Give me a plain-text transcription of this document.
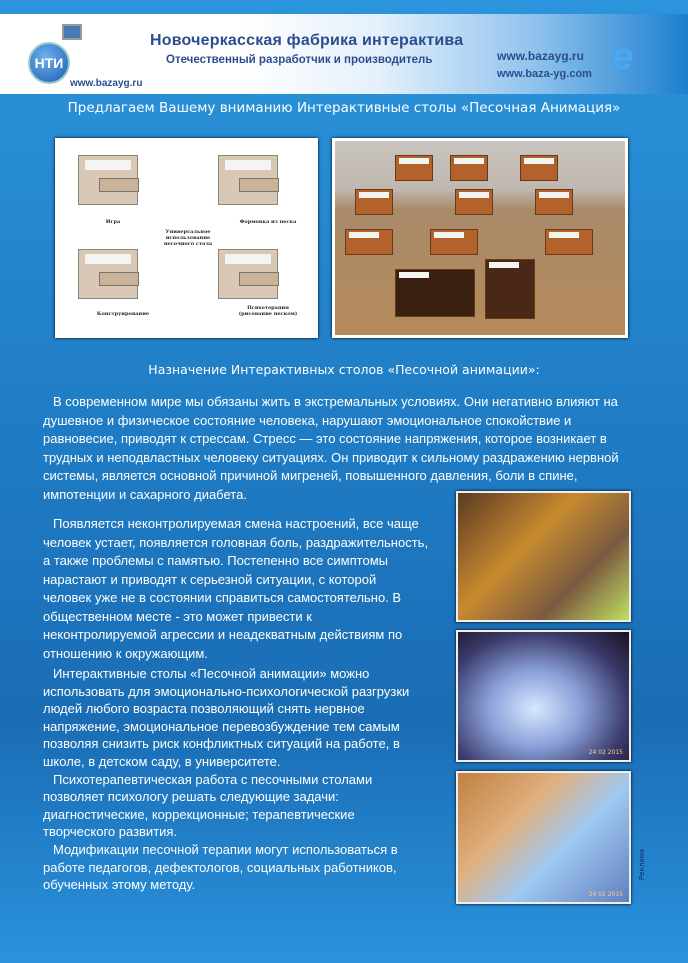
НТИ
www.bazayg.ru
Новочеркасская фабрика интерактива
Отечественный разработчик и производитель	www.bazayg.ru
www.baza-yg.com e
Предлагаем Вашему вниманию Интерактивные столы «Песочная Анимация»
Игра	Формовка из песка
Универсальное использование песочного стола
Конструирование
Психотерапия (рисование песком)
Назначение Интерактивных столов «Песочной анимации»:
В современном мире мы обязаны жить в экстремальных условиях. Они негативно влияют на
душевное и физическое состояние человека, нарушают эмоциональное спокойствие и
равновесие, приводят к стрессам. Стресс — это состояние напряжения, которое возникает в
трудных и неподвластных человеку ситуациях. Он приводит к сильному раздражению нервной
системы, является основной причиной мигреней, повышенного давления, боли в спине,
импотенции и сахарного диабета.
Появляется неконтролируемая смена настроений, все чаще
человек устает, появляется головная боль, раздражительность,
а также проблемы с памятью. Постепенно все симптомы
нарастают и приводят к серьезной ситуации, с которой
человек уже не в состоянии справиться самостоятельно. В
общественном месте - это может привести к
неконтролируемой агрессии и неадекватным действиям по
отношению к окружающим.
Интерактивные столы «Песочной анимации» можно
использовать для эмоционально-психологической разгрузки
людей любого возраста позволяющий снять нервное
напряжение, эмоциональное перевозбуждение тем самым
позволяя снизить риск конфликтных ситуаций на работе, в
школе, в детском саду, в университете.
Психотерапевтическая работа с песочными столами
позволяет психологу решать следующие задачи:
диагностические, коррекционные; терапевтические
творческого развития.
Модификации песочной терапии могут использоваться в
работе педагогов, дефектологов, социальных работников,
обученных этому методу.
24 02 2015
24 02 2015
Реклама
